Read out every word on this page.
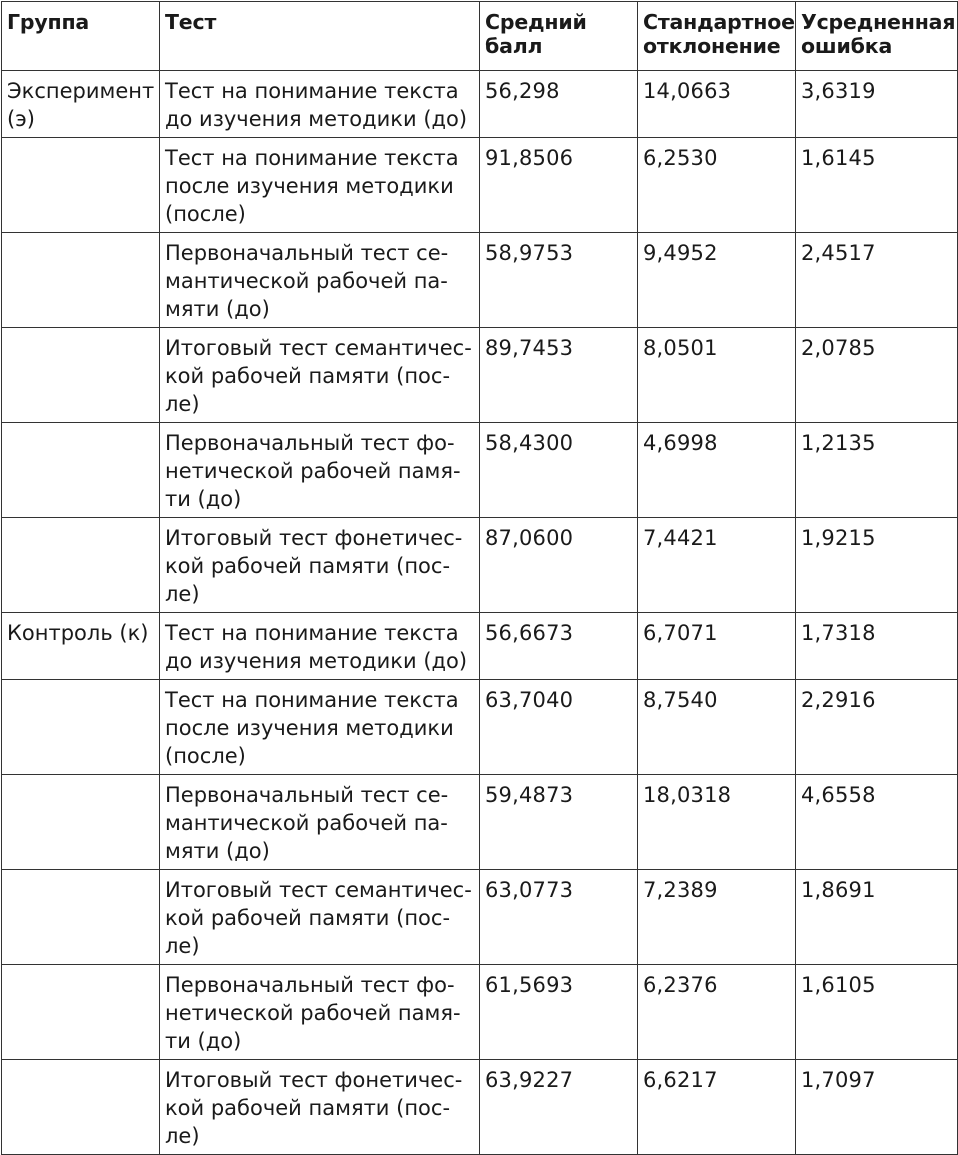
Группа	Тест	Средний балл	Стандартное отклонение	Усредненная ошибка
Эксперимент (э)	Тест на понимание текста до изучения методики (до)	56,298	14,0663	3,6319
	Тест на понимание текста после изучения методики (после)	91,8506	6,2530	1,6145
	Первоначальный тест се-мантической рабочей па-мяти (до)	58,9753	9,4952	2,4517
	Итоговый тест семантичес-кой рабочей памяти (пос-ле)	89,7453	8,0501	2,0785
	Первоначальный тест фо-нетической рабочей памя-ти (до)	58,4300	4,6998	1,2135
	Итоговый тест фонетичес-кой рабочей памяти (пос-ле)	87,0600	7,4421	1,9215
Контроль (к)	Тест на понимание текста до изучения методики (до)	56,6673	6,7071	1,7318
	Тест на понимание текста после изучения методики (после)	63,7040	8,7540	2,2916
	Первоначальный тест се-мантической рабочей па-мяти (до)	59,4873	18,0318	4,6558
	Итоговый тест семантичес-кой рабочей памяти (пос-ле)	63,0773	7,2389	1,8691
	Первоначальный тест фо-нетической рабочей памя-ти (до)	61,5693	6,2376	1,6105
	Итоговый тест фонетичес-кой рабочей памяти (пос-ле)	63,9227	6,6217	1,7097
